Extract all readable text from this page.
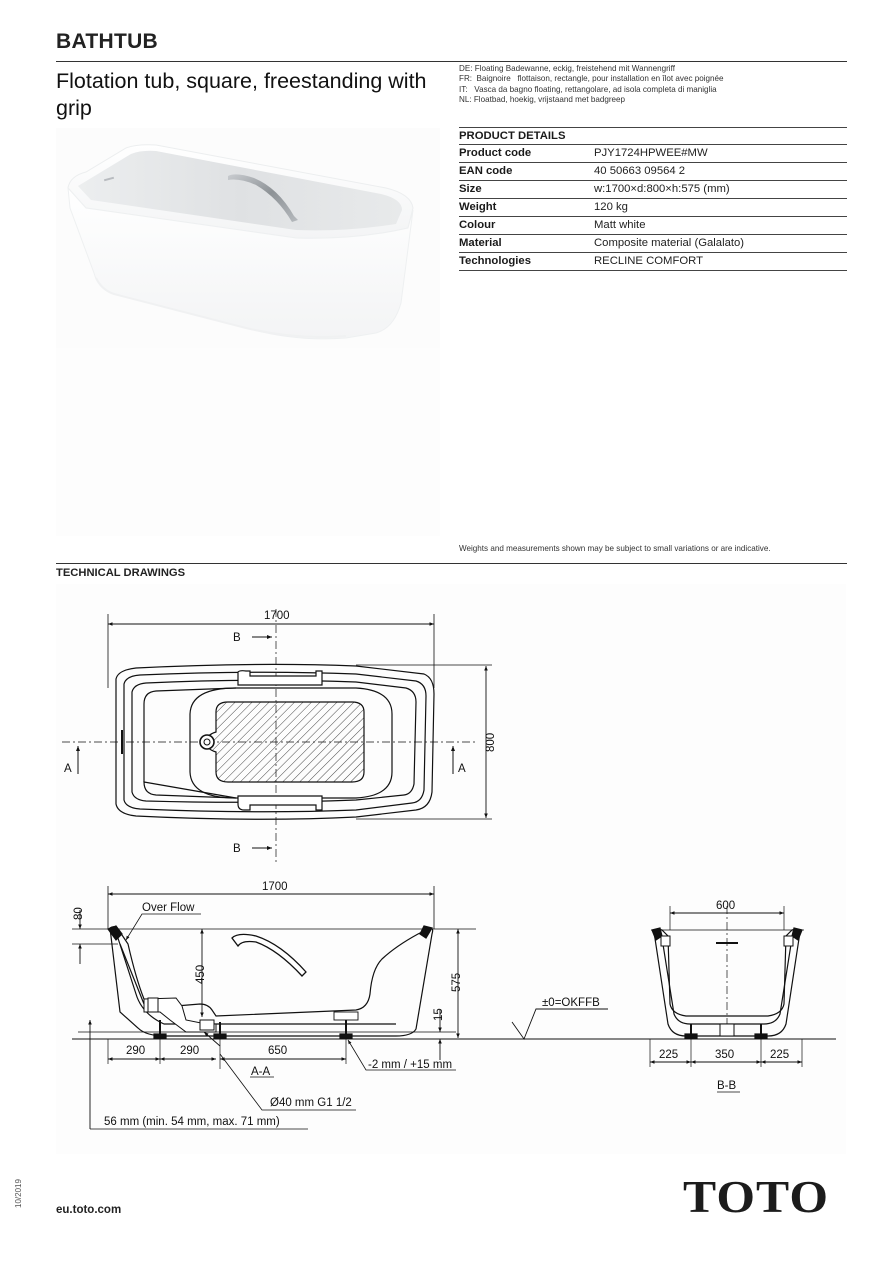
BATHTUB
Flotation tub, square, freestanding with grip
DE: Floating Badewanne, eckig, freistehend mit Wannengriff
FR:  Baignoire   flottaison, rectangle, pour installation en îlot avec poignée
IT:   Vasca da bagno floating, rettangolare, ad isola completa di maniglia
NL: Floatbad, hoekig, vrijstaand met badgreep
PRODUCT DETAILS
Product code	PJY1724HPWEE#MW
EAN code	40 50663 09564 2
Size	w:1700×d:800×h:575 (mm)
Weight	120 kg
Colour	Matt white
Material	Composite material (Galalato)
Technologies	RECLINE COMFORT
Weights and measurements shown may be subject to small variations or are indicative.
TECHNICAL DRAWINGS
1700
800
B
B
A	A
1700
Over Flow
80
450	575
15
290	290	650
-2 mm / +15 mm
A-A
Ø40 mm G1 1/2
56 mm (min. 54 mm, max. 71 mm)
±0=OKFFB
600
225	350	225
B-B
10/2019
eu.toto.com	TOTO
